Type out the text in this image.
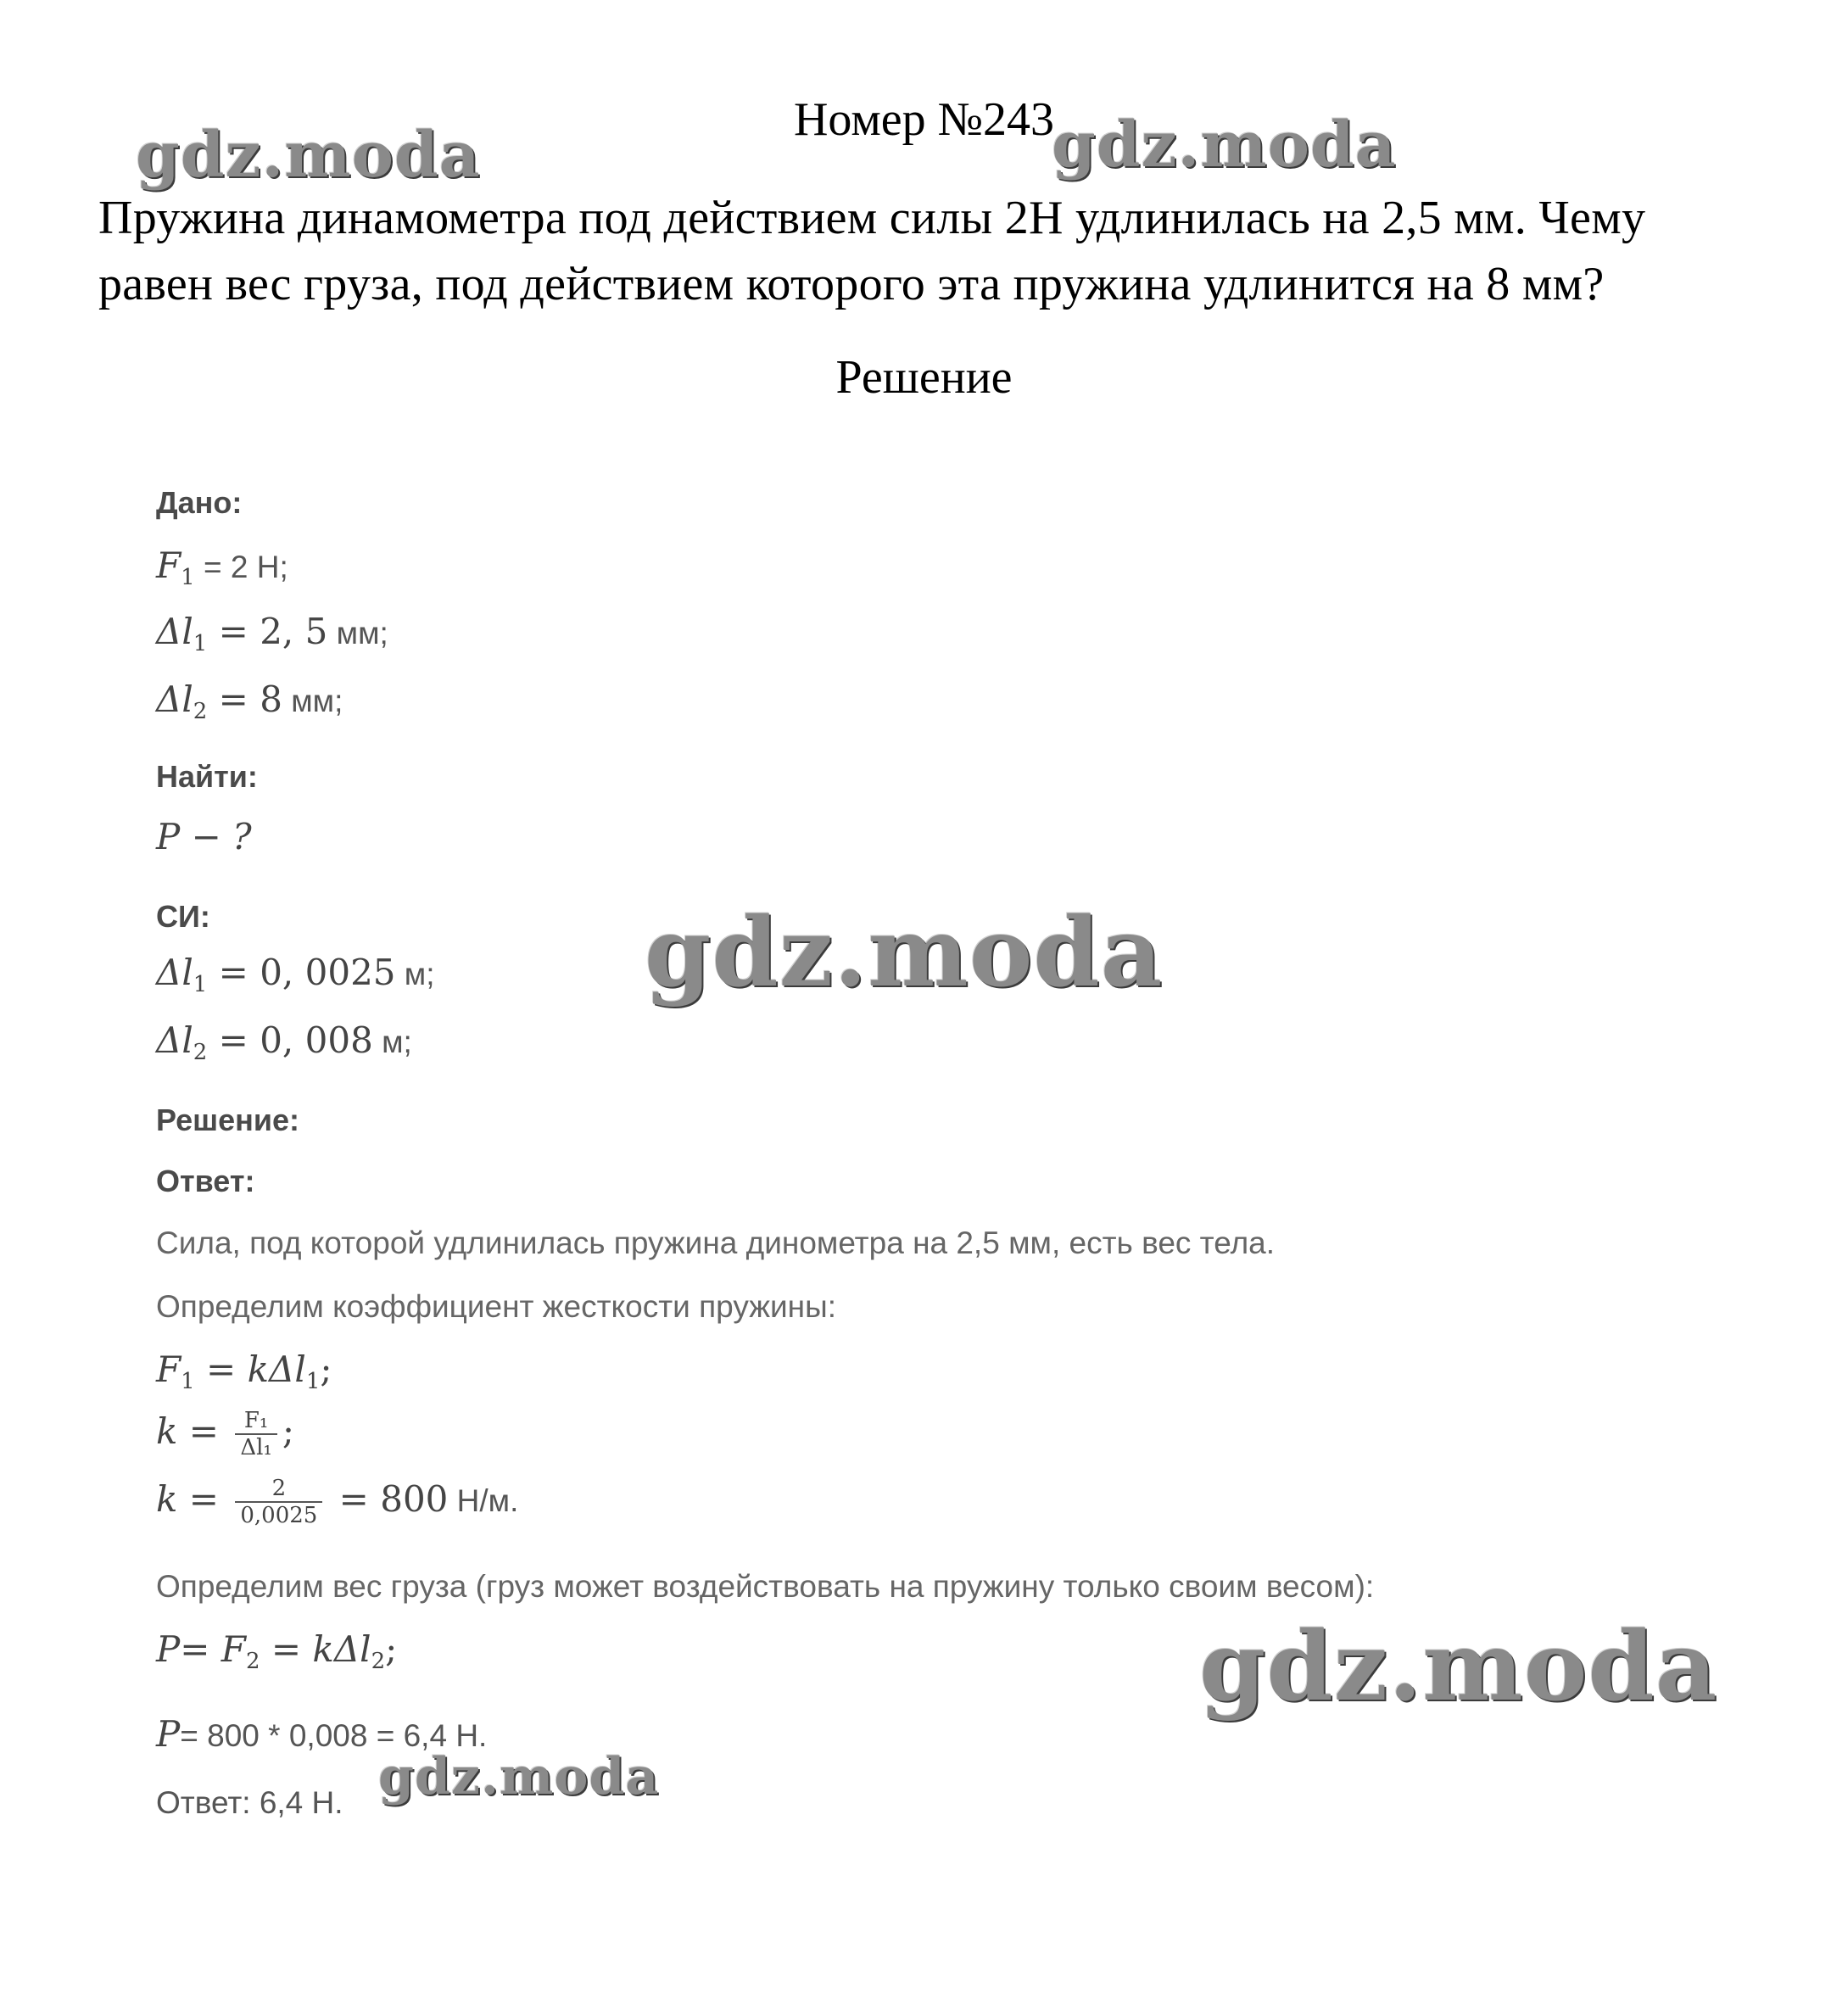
Номер №243
Пружина динамометра под действием силы 2Н удлинилась на 2,5 мм. Чему
равен вес груза, под действием которого эта пружина удлинится на 8 мм?
Решение
Дано:
$F_1 = 2$ Н;
$\Delta l_1 = 2$, 5 мм;
$\Delta l_2 = 8$ мм;
Найти:
P − ?
СИ:
$\Delta l_1 = 0$, 0025 м;
$\Delta l_2 = 0$, 008 м;
Решение:
Ответ:
Сила, под которой удлинилась пружина динометра на 2,5 мм, есть вес тела.
Определим коэффициент жесткости пружины:
$F_1 = k\Delta l_1$;
$k = \frac{\text{F₁}}{\text{Δl₁}}$ ;
$k = \frac{2}{0,0025} = 800$ Н/м.
Определим вес груза (груз может воздействовать на пружину только своим весом):
$P= F_2 = k\Delta l_2$;
P= 800 * 0,008 = 6,4 Н.
Ответ: 6,4 Н.
gdz.moda	gdz.moda
gdz.moda
gdz.moda
gdz.moda
